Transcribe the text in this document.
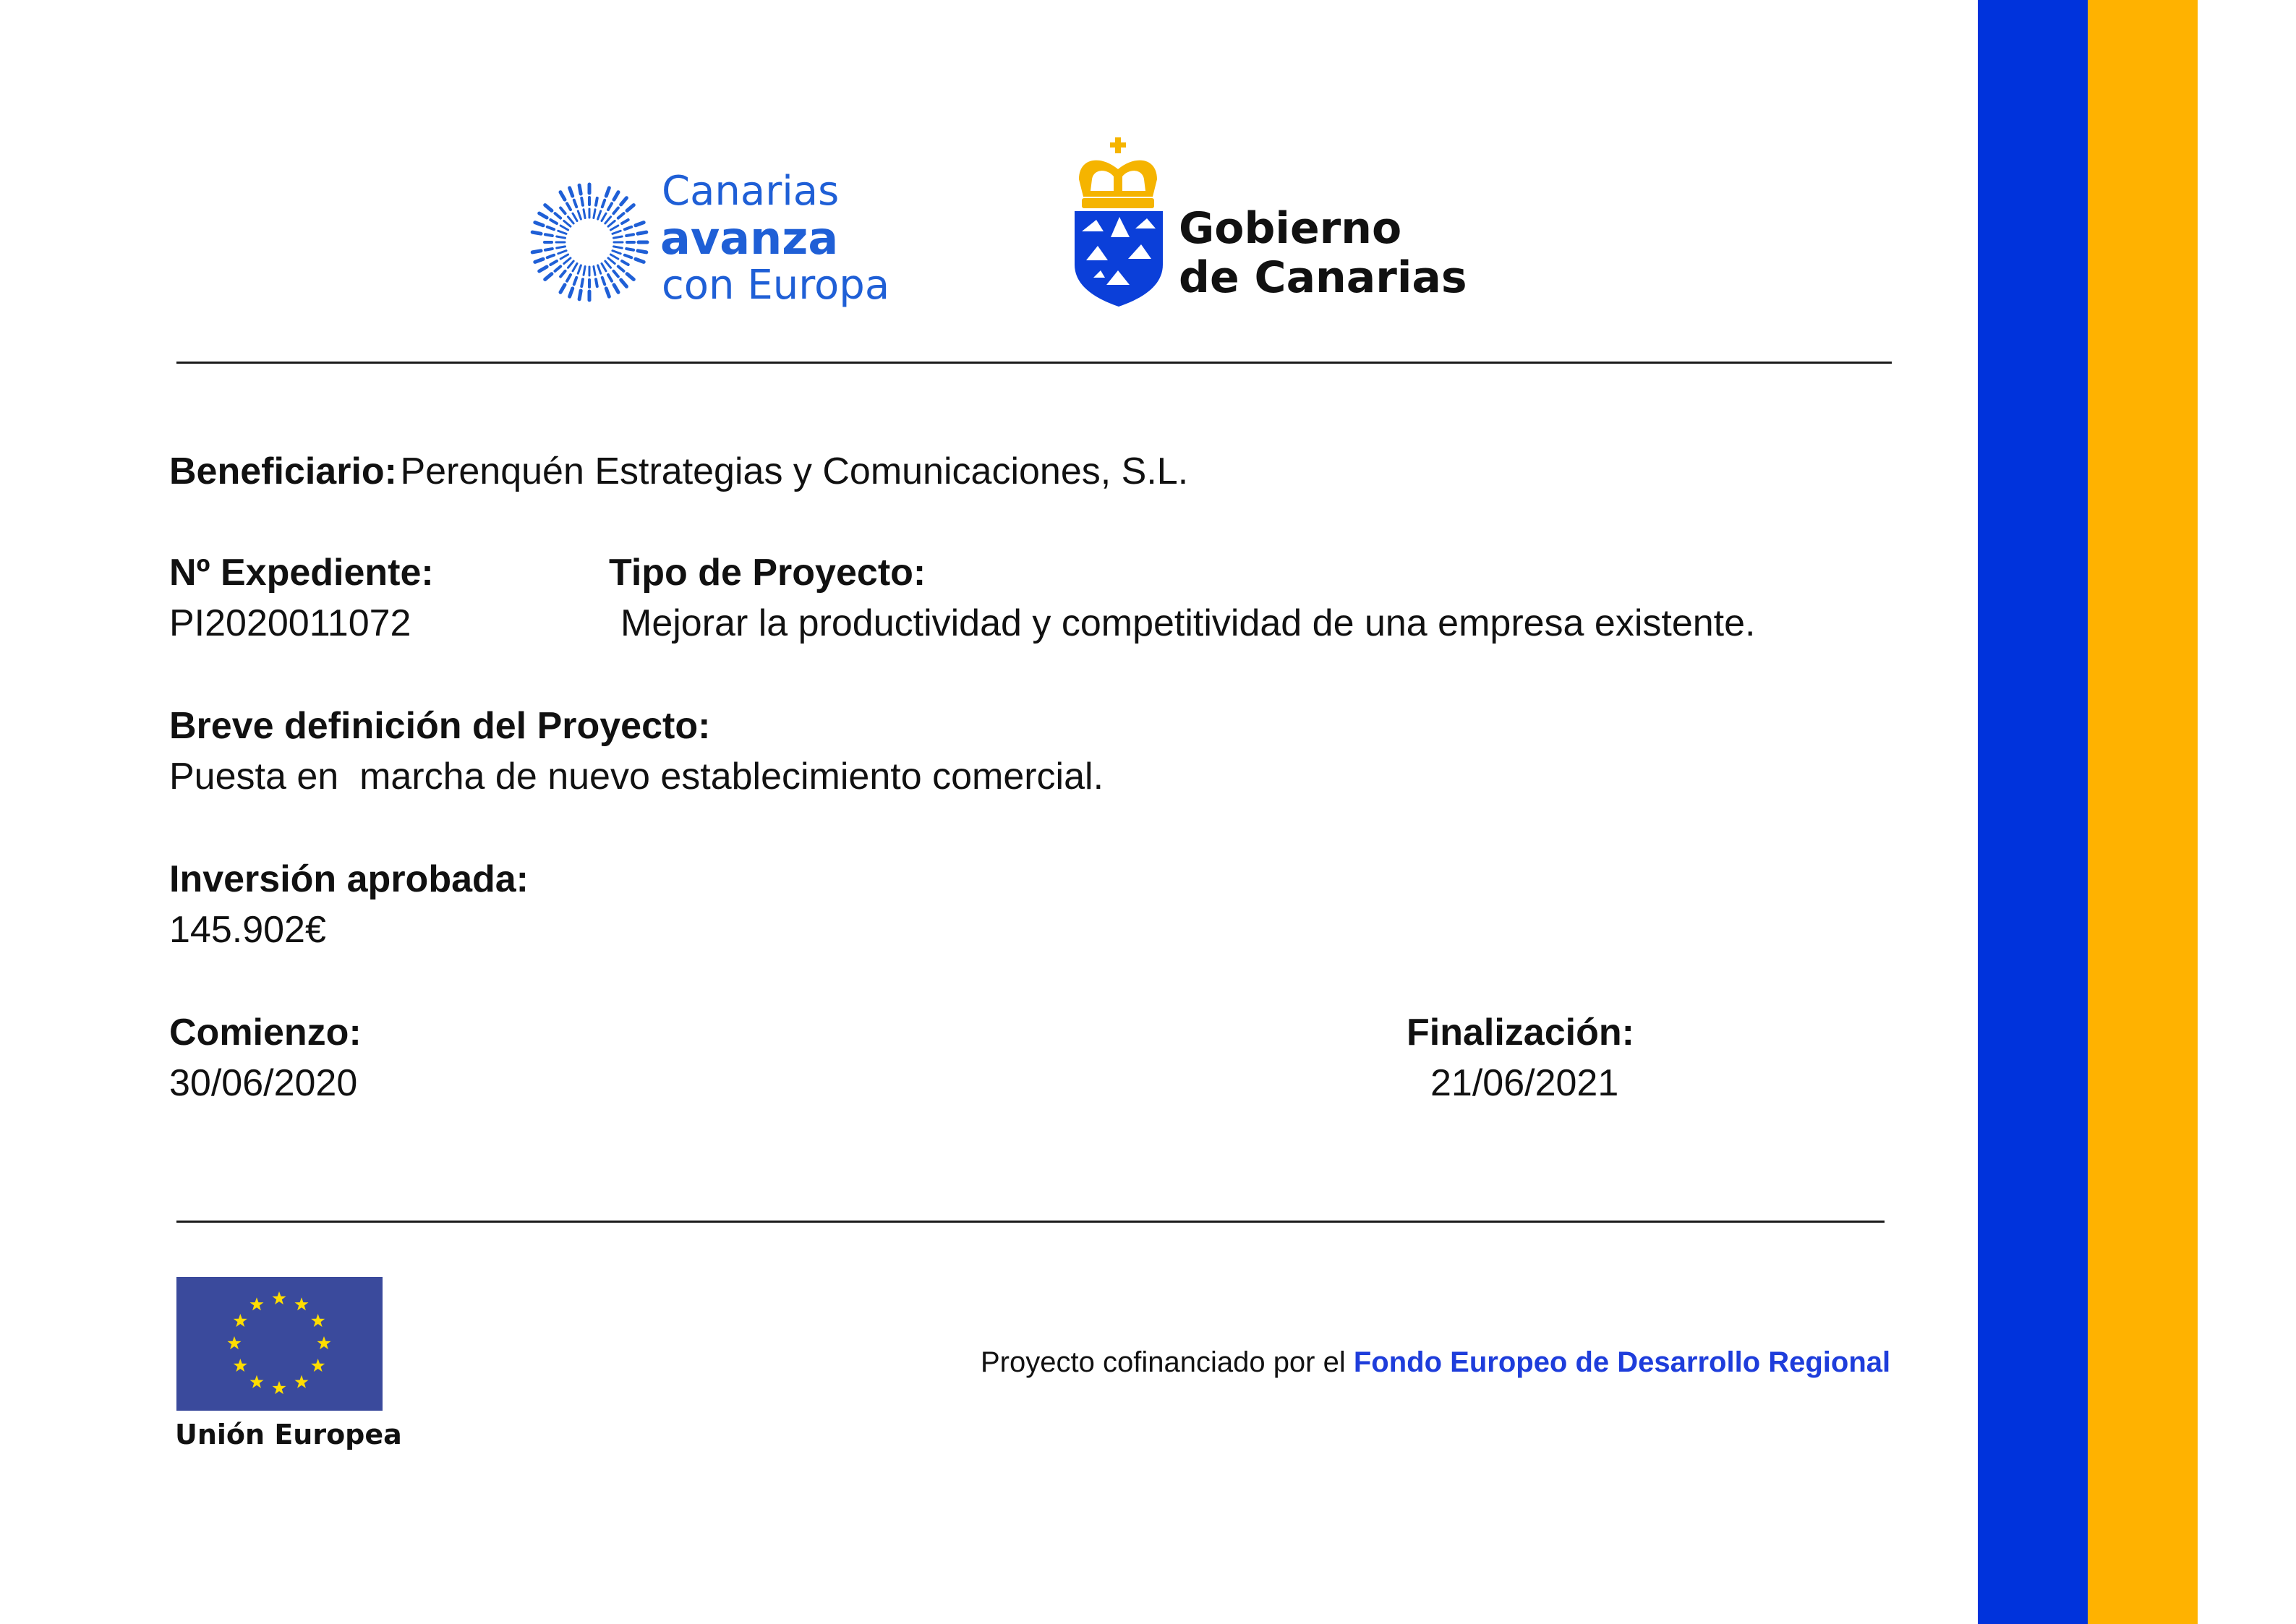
Canarias
avanza
con Europa
Gobierno
de Canarias
Beneficiario: Perenquén Estrategias y Comunicaciones, S.L.
Nº Expediente:
PI2020011072
Tipo de Proyecto:
Mejorar la productividad y competitividad de una empresa existente.
Breve definición del Proyecto:
Puesta en  marcha de nuevo establecimiento comercial.
Inversión aprobada:
145.902€
Comienzo:
30/06/2020
Finalización:
21/06/2021
Unión Europea
Proyecto cofinanciado por el Fondo Europeo de Desarrollo Regional
